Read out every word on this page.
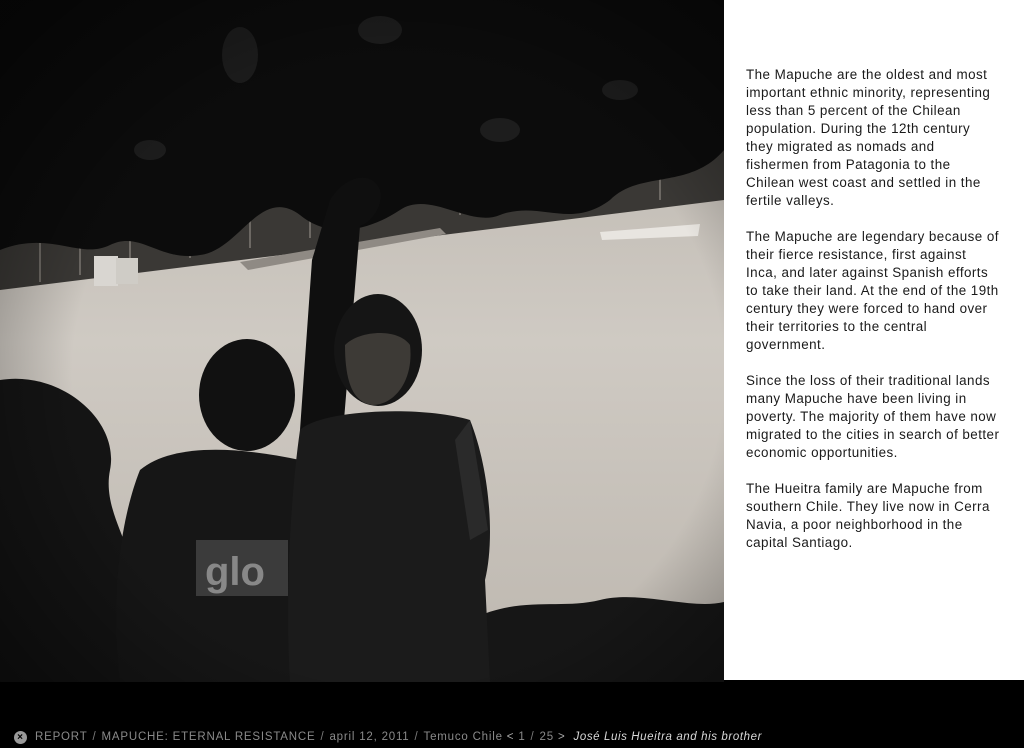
The Mapuche are the oldest and most important ethnic minority, representing less than 5 percent of the Chilean population. During the 12th century they migrated as nomads and fishermen from Patagonia to the Chilean west coast and settled in the fertile valleys.

The Mapuche are legendary because of their fierce resistance, first against Inca, and later against Spanish efforts to take their land. At the end of the 19th century they were forced to hand over their territories to the central government.

Since the loss of their traditional lands many Mapuche have been living in poverty. The majority of them have now migrated to the cities in search of better economic opportunities.

The Hueitra family are Mapuche from southern Chile. They live now in Cerra Navia, a poor neighborhood in the capital Santiago.

× REPORT / MAPUCHE: ETERNAL RESISTANCE / april 12, 2011 / Temuco Chile < 1 / 25 > José Luis Hueitra and his brother
